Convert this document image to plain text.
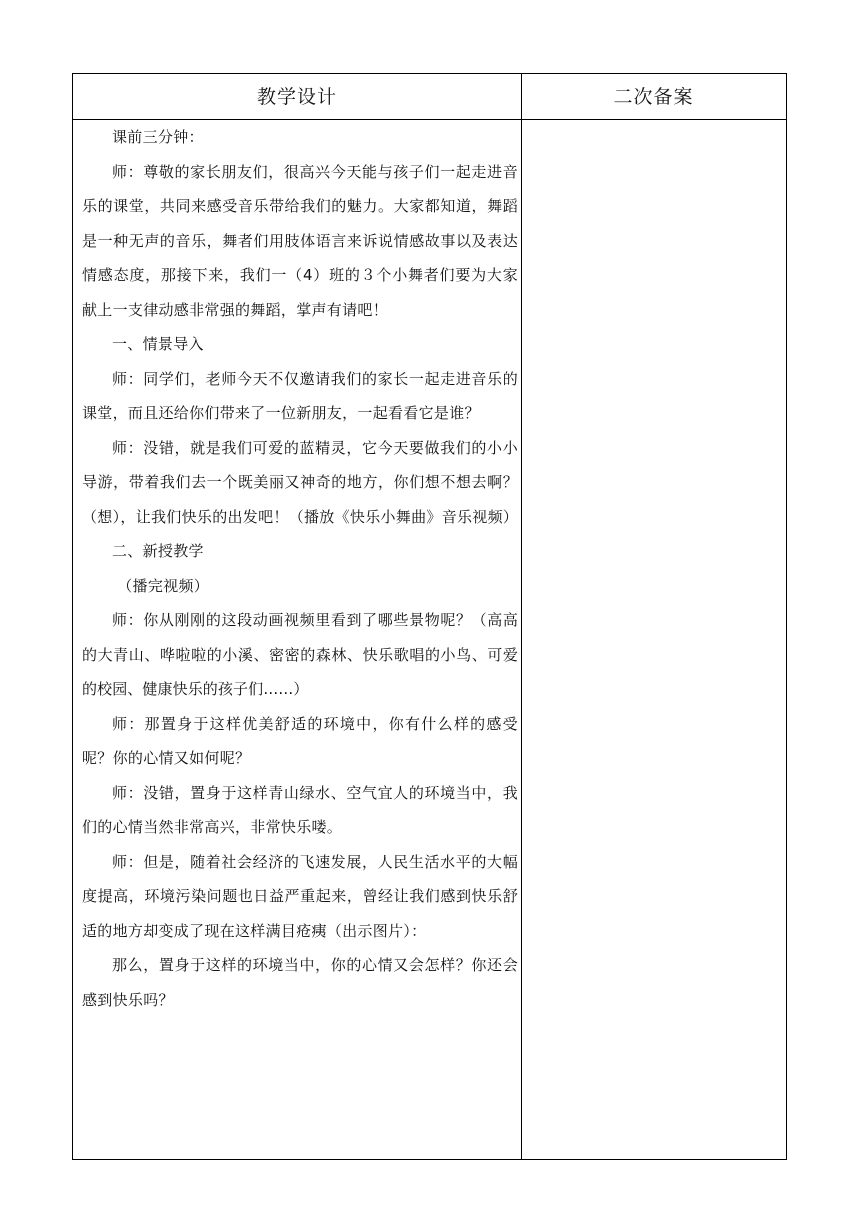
教学设计	二次备案

课前三分钟：

师：尊敬的家长朋友们，很高兴今天能与孩子们一起走进音乐的课堂，共同来感受音乐带给我们的魅力。大家都知道，舞蹈是一种无声的音乐，舞者们用肢体语言来诉说情感故事以及表达情感态度，那接下来，我们一（4）班的３个小舞者们要为大家献上一支律动感非常强的舞蹈，掌声有请吧！

一、情景导入

师：同学们，老师今天不仅邀请我们的家长一起走进音乐的课堂，而且还给你们带来了一位新朋友，一起看看它是谁？

师：没错，就是我们可爱的蓝精灵，它今天要做我们的小小导游，带着我们去一个既美丽又神奇的地方，你们想不想去啊？（想），让我们快乐的出发吧！（播放《快乐小舞曲》音乐视频）

二、新授教学

（播完视频）

师：你从刚刚的这段动画视频里看到了哪些景物呢？（高高的大青山、哗啦啦的小溪、密密的森林、快乐歌唱的小鸟、可爱的校园、健康快乐的孩子们……）

师：那置身于这样优美舒适的环境中，你有什么样的感受呢？你的心情又如何呢？

师：没错，置身于这样青山绿水、空气宜人的环境当中，我们的心情当然非常高兴，非常快乐喽。

师：但是，随着社会经济的飞速发展，人民生活水平的大幅度提高，环境污染问题也日益严重起来，曾经让我们感到快乐舒适的地方却变成了现在这样满目疮痍（出示图片）：

那么，置身于这样的环境当中，你的心情又会怎样？你还会感到快乐吗？
